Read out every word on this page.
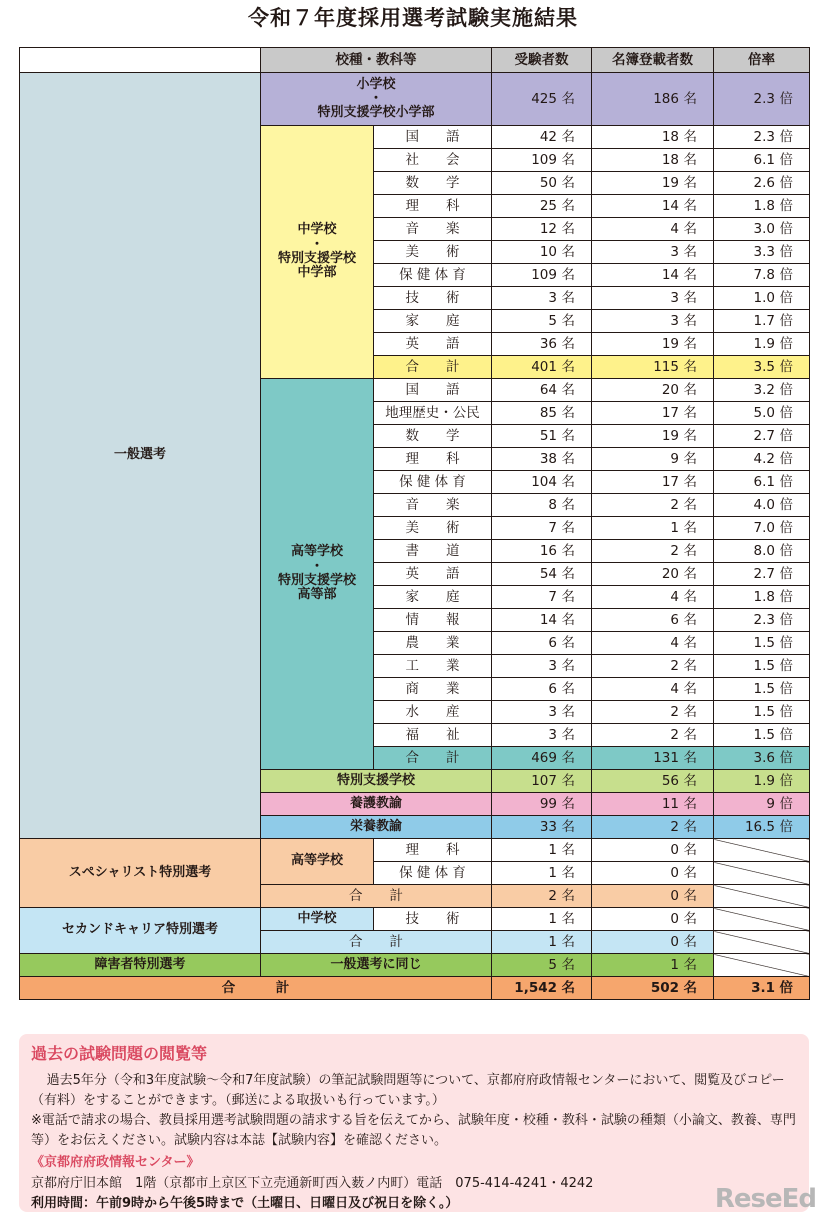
令和７年度採用選考試験実施結果
	校種・教科等		受験者数	名簿登載者数	倍率
一般選考	小学校
・
特別支援学校小学部		425 名	186 名	2.3 倍
	中学校
・
特別支援学校
中学部	国　　語	42 名	18 名	2.3 倍
		社　　会	109 名	18 名	6.1 倍
		数　　学	50 名	19 名	2.6 倍
		理　　科	25 名	14 名	1.8 倍
		音　　楽	12 名	4 名	3.0 倍
		美　　術	10 名	3 名	3.3 倍
		保 健 体 育	109 名	14 名	7.8 倍
		技　　術	3 名	3 名	1.0 倍
		家　　庭	5 名	3 名	1.7 倍
		英　　語	36 名	19 名	1.9 倍
		合　　計	401 名	115 名	3.5 倍
	高等学校
・
特別支援学校
高等部	国　　語	64 名	20 名	3.2 倍
		地理歴史・公民	85 名	17 名	5.0 倍
		数　　学	51 名	19 名	2.7 倍
		理　　科	38 名	9 名	4.2 倍
		保 健 体 育	104 名	17 名	6.1 倍
		音　　楽	8 名	2 名	4.0 倍
		美　　術	7 名	1 名	7.0 倍
		書　　道	16 名	2 名	8.0 倍
		英　　語	54 名	20 名	2.7 倍
		家　　庭	7 名	4 名	1.8 倍
		情　　報	14 名	6 名	2.3 倍
		農　　業	6 名	4 名	1.5 倍
		工　　業	3 名	2 名	1.5 倍
		商　　業	6 名	4 名	1.5 倍
		水　　産	3 名	2 名	1.5 倍
		福　　祉	3 名	2 名	1.5 倍
		合　　計	469 名	131 名	3.6 倍
	特別支援学校		107 名	56 名	1.9 倍
	養護教諭		99 名	11 名	9 倍
	栄養教諭		33 名	2 名	16.5 倍
スペシャリスト特別選考	高等学校	理　　科	1 名	0 名	
		保 健 体 育	1 名	0 名	
	合　　計		2 名	0 名	
セカンドキャリア特別選考	中学校	技　　術	1 名	0 名	
	合　　計		1 名	0 名	
障害者特別選考	一般選考に同じ		5 名	1 名	
合　　　計			1,542 名	502 名	3.1 倍
過去の試験問題の閲覧等

過去5年分（令和3年度試験～令和7年度試験）の筆記試験問題等について、京都府府政情報センターにおいて、閲覧及びコピー（有料）をすることができます。（郵送による取扱いも行っています。）

※電話で請求の場合、教員採用選考試験問題の請求する旨を伝えてから、試験年度・校種・教科・試験の種類（小論文、教養、専門等）をお伝えください。試験内容は本誌【試験内容】を確認ください。

《京都府府政情報センター》

京都府庁旧本館　1階（京都市上京区下立売通新町西入薮ノ内町）電話　075-414-4241・4242

利用時間：午前9時から午後5時まで（土曜日、日曜日及び祝日を除く。）	ReseEd
